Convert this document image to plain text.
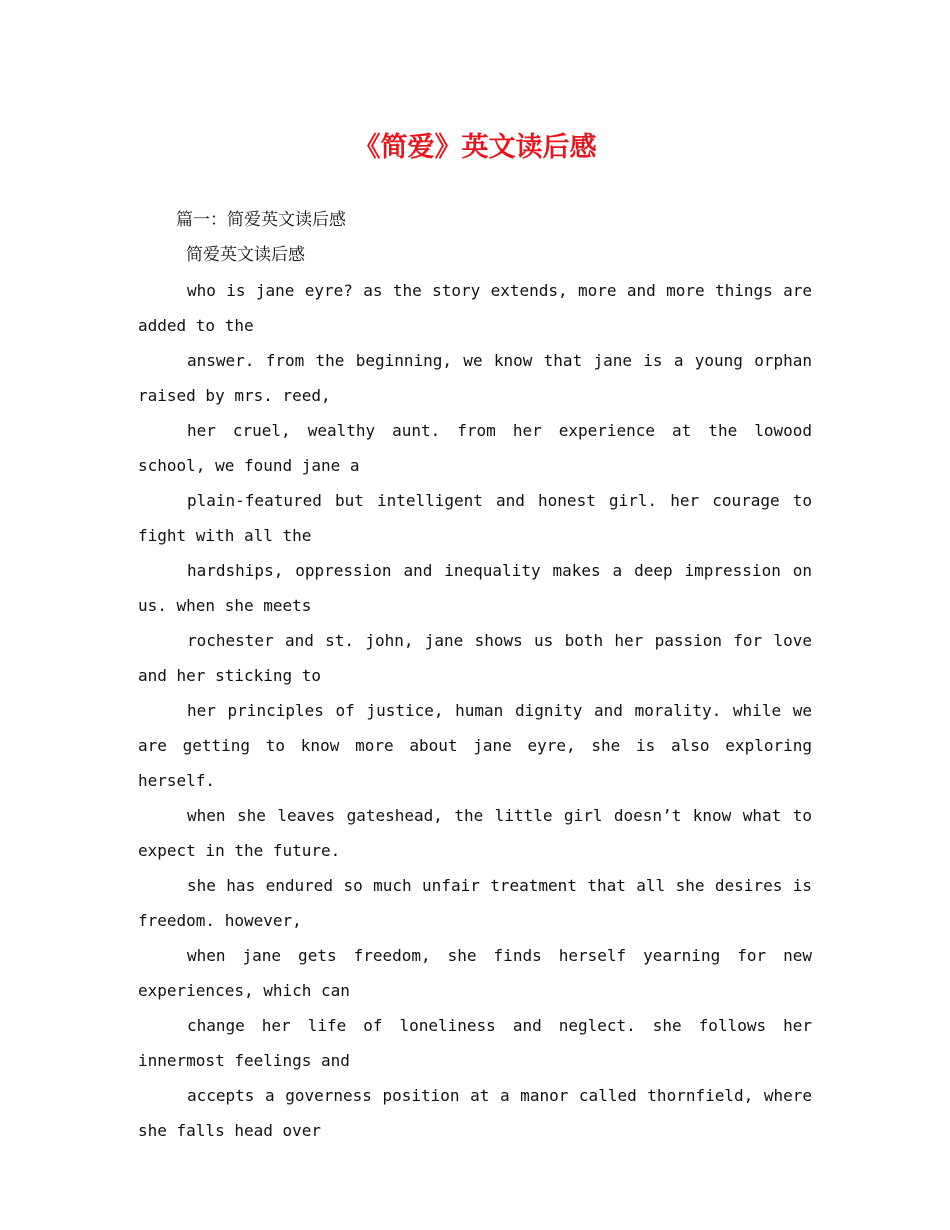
《简爱》英文读后感
篇一：简爱英文读后感
简爱英文读后感

who is jane eyre? as the story extends, more and more things are added to the

answer. from the beginning, we know that jane is a young orphan raised by mrs. reed,

her cruel, wealthy aunt. from her experience at the lowood school, we found jane a

plain-featured but intelligent and honest girl. her courage to fight with all the

hardships, oppression and inequality makes a deep impression on us. when she meets

rochester and st. john, jane shows us both her passion for love and her sticking to

her principles of justice, human dignity and morality. while we are getting to know more about jane eyre, she is also exploring herself.

when she leaves gateshead, the little girl doesn’t know what to expect in the future.

she has endured so much unfair treatment that all she desires is freedom. however,

when jane gets freedom, she finds herself yearning for new experiences, which can

change her life of loneliness and neglect. she follows her innermost feelings and

accepts a governess position at a manor called thornfield, where she falls head over
